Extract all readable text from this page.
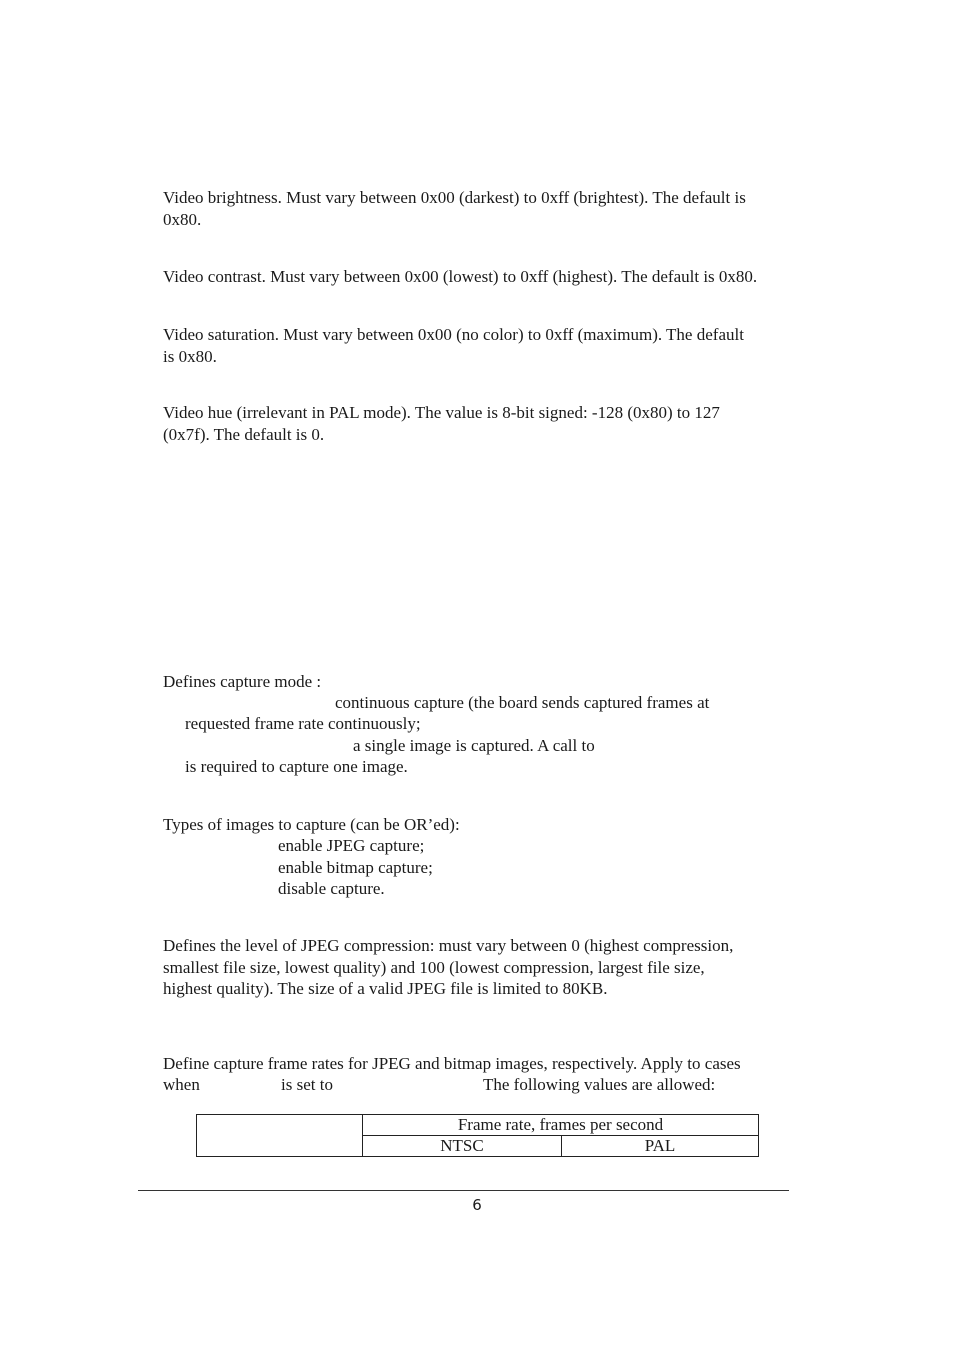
Video brightness. Must vary between 0x00 (darkest) to 0xff (brightest). The default is
0x80.
Video contrast. Must vary between 0x00 (lowest) to 0xff (highest). The default is 0x80.
Video saturation. Must vary between 0x00 (no color) to 0xff (maximum). The default
is 0x80.
Video hue (irrelevant in PAL mode). The value is 8-bit signed: -128 (0x80) to 127
(0x7f). The default is 0.
Defines capture mode :
continuous capture (the board sends captured frames at
requested frame rate continuously;
a single image is captured. A call to
is required to capture one image.
Types of images to capture (can be OR’ed):
enable JPEG capture;
enable bitmap capture;
disable capture.
Defines the level of JPEG compression: must vary between 0 (highest compression,
smallest file size, lowest quality) and 100 (lowest compression, largest file size,
highest quality). The size of a valid JPEG file is limited to 80KB.
Define capture frame rates for JPEG and bitmap images, respectively. Apply to cases
when	is set to	The following values are allowed:
	Frame rate, frames per second	
	NTSC	PAL
6
